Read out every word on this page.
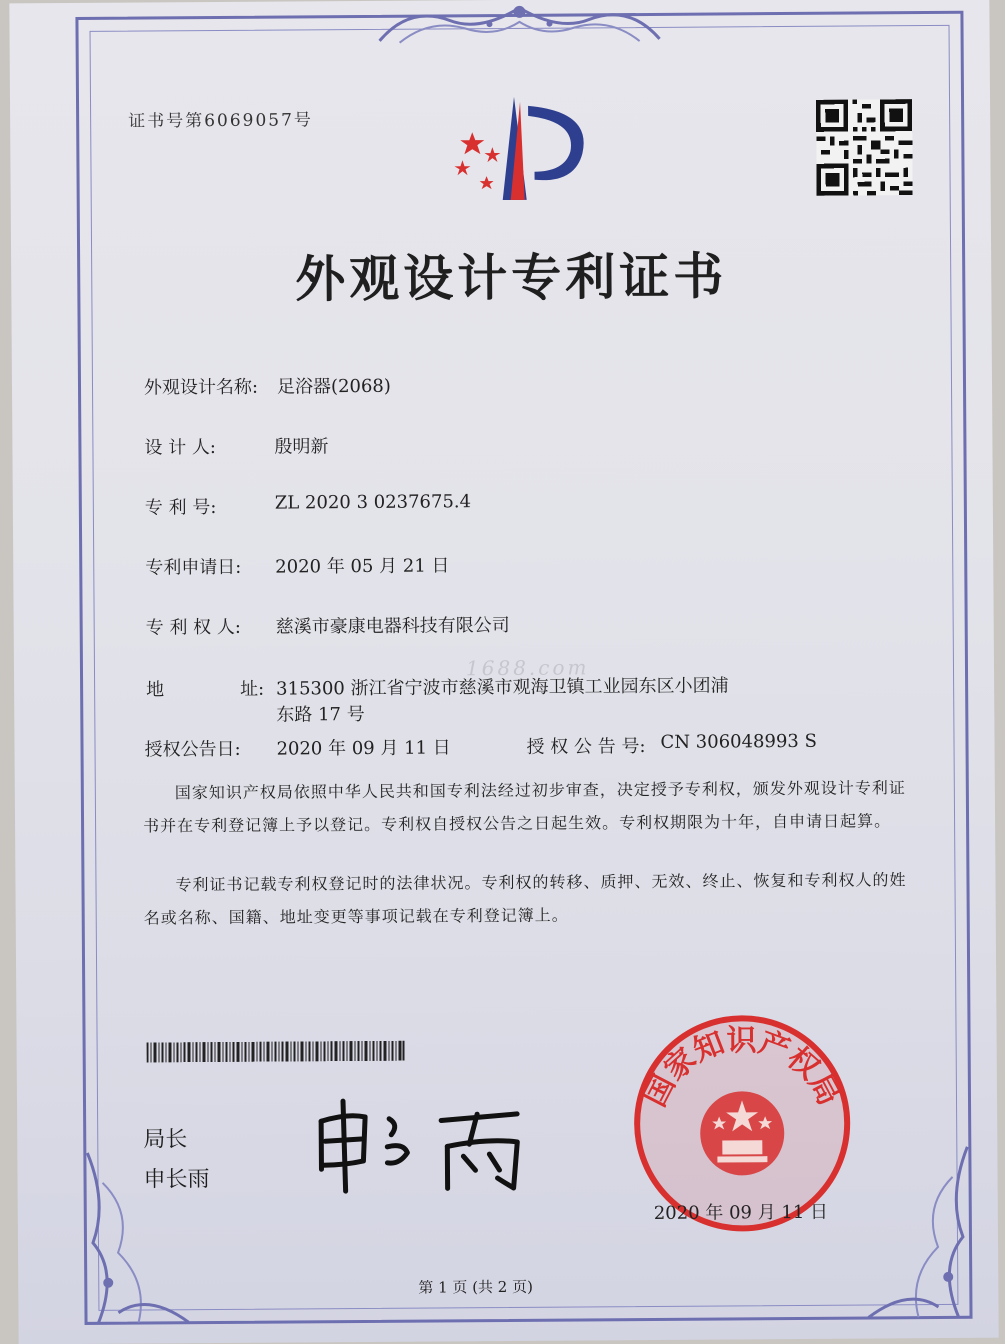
证书号第6069057号
外观设计专利证书
外观设计名称: 足浴器(2068)
设 计 人:	殷明新
专 利 号:	ZL 2020 3 0237675.4
专利申请日: 2020 年 05 月 21 日
专 利 权 人: 慈溪市豪康电器科技有限公司
地	址: 315300 浙江省宁波市慈溪市观海卫镇工业园东区小团浦
东路 17 号
授权公告日: 2020 年 09 月 11 日	授 权 公 告 号: CN 306048993 S
1688.com
国家知识产权局依照中华人民共和国专利法经过初步审查，决定授予专利权，颁发外观设计专利证书并在专利登记簿上予以登记。专利权自授权公告之日起生效。专利权期限为十年，自申请日起算。
专利证书记载专利权登记时的法律状况。专利权的转移、质押、无效、终止、恢复和专利权人的姓名或名称、国籍、地址变更等事项记载在专利登记簿上。
局长
申长雨
国家知识产权局
2020 年 09 月 11 日
第 1 页 (共 2 页)
